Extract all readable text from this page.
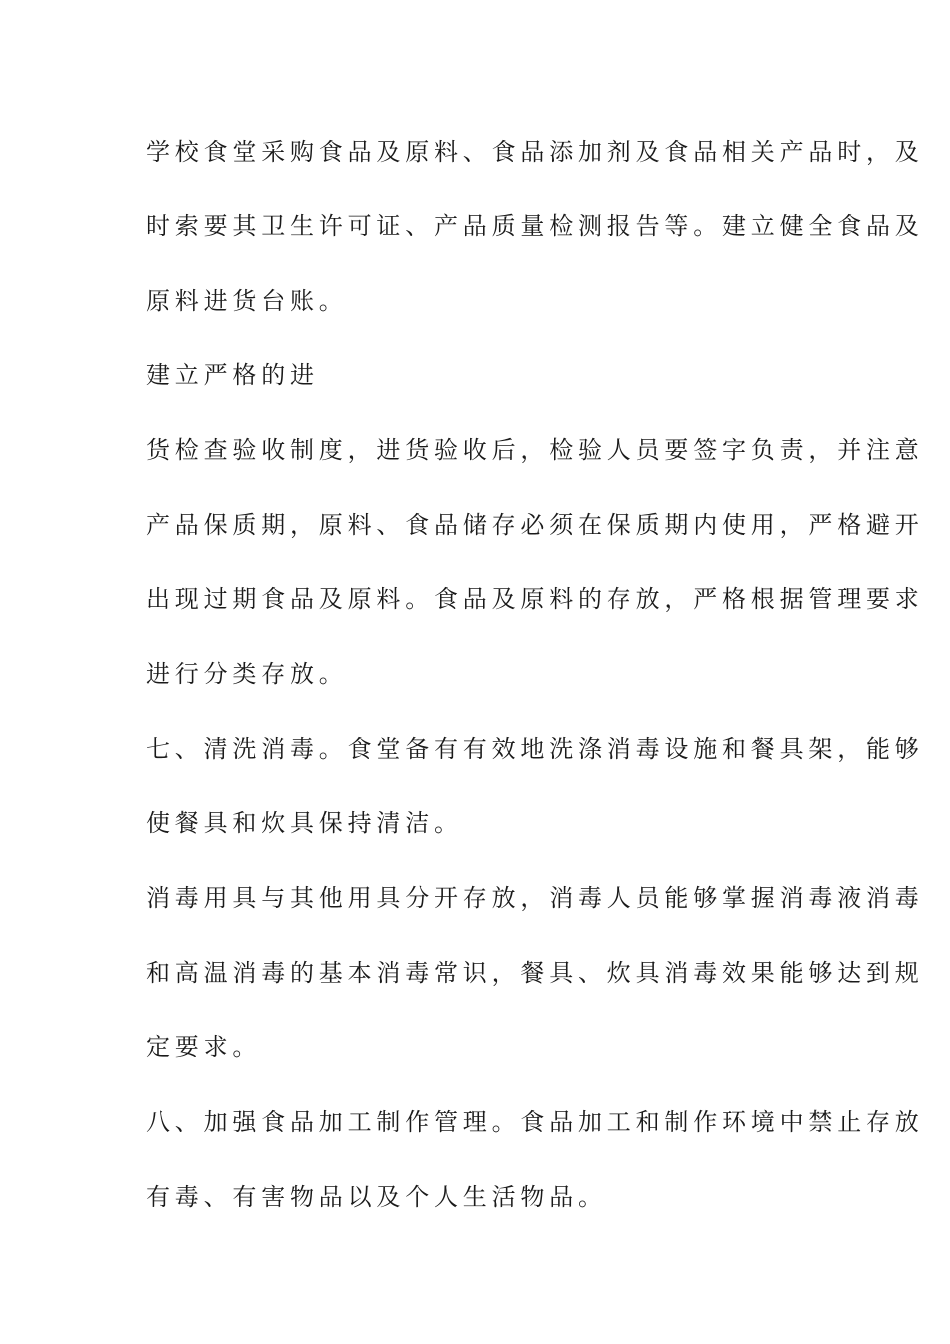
学校食堂采购食品及原料、食品添加剂及食品相关产品时，及
时索要其卫生许可证、产品质量检测报告等。建立健全食品及
原料进货台账。
建立严格的进
货检查验收制度，进货验收后，检验人员要签字负责，并注意
产品保质期，原料、食品储存必须在保质期内使用，严格避开
出现过期食品及原料。食品及原料的存放，严格根据管理要求
进行分类存放。
七、清洗消毒。食堂备有有效地洗涤消毒设施和餐具架，能够
使餐具和炊具保持清洁。
消毒用具与其他用具分开存放，消毒人员能够掌握消毒液消毒
和高温消毒的基本消毒常识，餐具、炊具消毒效果能够达到规
定要求。
八、加强食品加工制作管理。食品加工和制作环境中禁止存放
有毒、有害物品以及个人生活物品。
